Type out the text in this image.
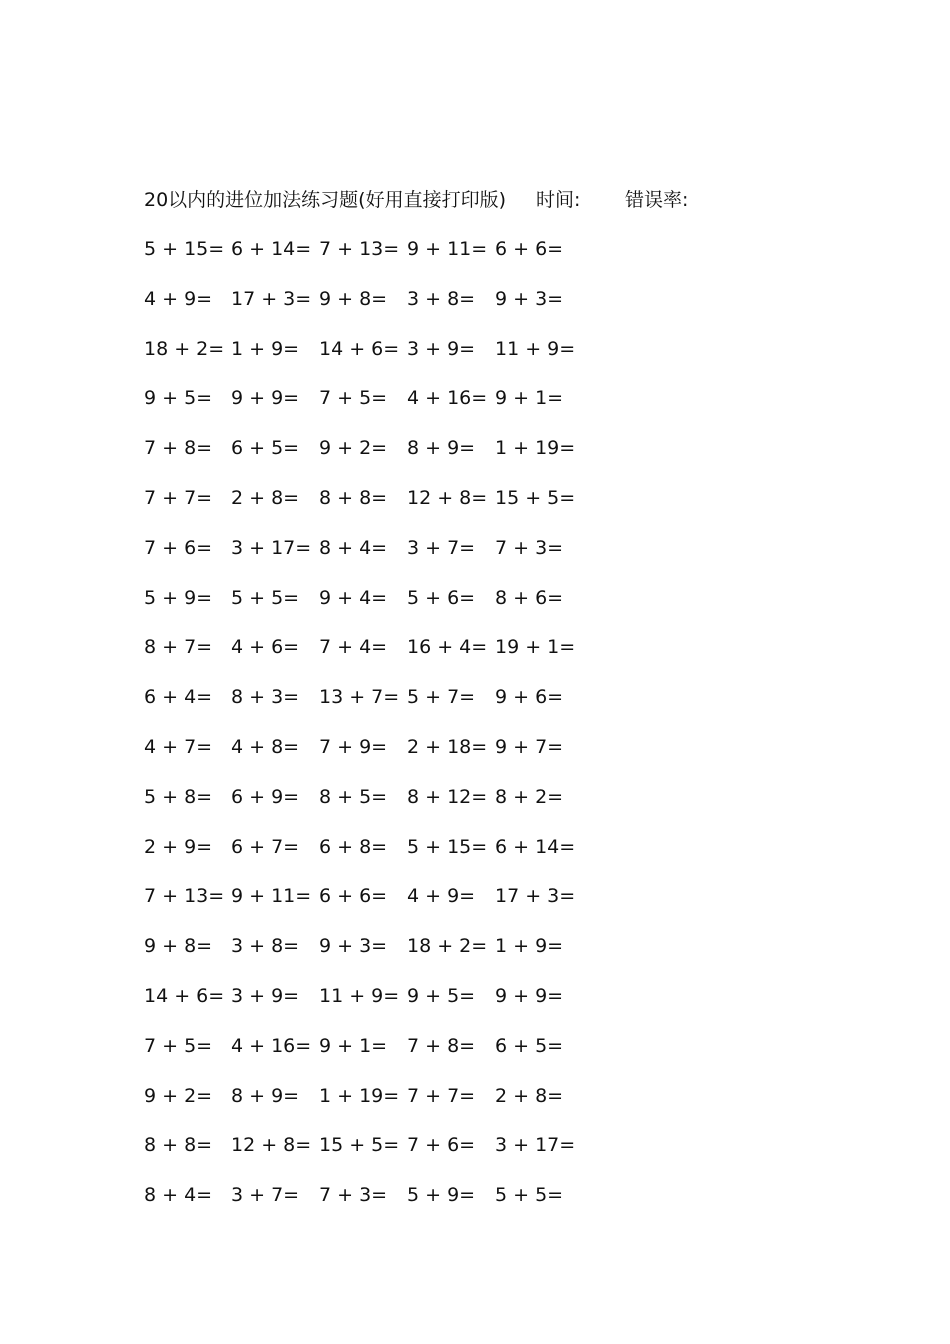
20以内的进位加法练习题(好用直接打印版) 时间: 错误率:
5 + 15= 6 + 14= 7 + 13= 9 + 11= 6 + 6=
4 + 9= 17 + 3= 9 + 8= 3 + 8= 9 + 3=
18 + 2= 1 + 9= 14 + 6= 3 + 9= 11 + 9=
9 + 5= 9 + 9= 7 + 5= 4 + 16= 9 + 1=
7 + 8= 6 + 5= 9 + 2= 8 + 9= 1 + 19=
7 + 7= 2 + 8= 8 + 8= 12 + 8= 15 + 5=
7 + 6= 3 + 17= 8 + 4= 3 + 7= 7 + 3=
5 + 9= 5 + 5= 9 + 4= 5 + 6= 8 + 6=
8 + 7= 4 + 6= 7 + 4= 16 + 4= 19 + 1=
6 + 4= 8 + 3= 13 + 7= 5 + 7= 9 + 6=
4 + 7= 4 + 8= 7 + 9= 2 + 18= 9 + 7=
5 + 8= 6 + 9= 8 + 5= 8 + 12= 8 + 2=
2 + 9= 6 + 7= 6 + 8= 5 + 15= 6 + 14=
7 + 13= 9 + 11= 6 + 6= 4 + 9= 17 + 3=
9 + 8= 3 + 8= 9 + 3= 18 + 2= 1 + 9=
14 + 6= 3 + 9= 11 + 9= 9 + 5= 9 + 9=
7 + 5= 4 + 16= 9 + 1= 7 + 8= 6 + 5=
9 + 2= 8 + 9= 1 + 19= 7 + 7= 2 + 8=
8 + 8= 12 + 8= 15 + 5= 7 + 6= 3 + 17=
8 + 4= 3 + 7= 7 + 3= 5 + 9= 5 + 5=
